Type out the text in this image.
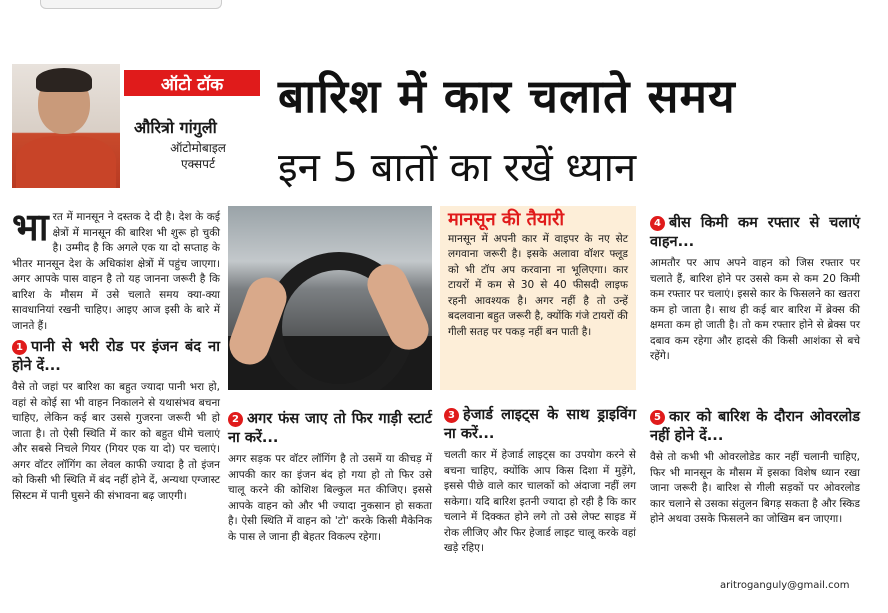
ऑटो टॉक
औरित्रो गांगुली
ऑटोमोबाइल
एक्सपर्ट
बारिश में कार चलाते समय
इन 5 बातों का रखें ध्यान
भा रत में मानसून ने दस्तक दे दी है। देश के कई क्षेत्रों में मानसून की बारिश भी शुरू हो चुकी है। उम्मीद है कि अगले एक या दो सप्ताह के भीतर मानसून देश के अधिकांश क्षेत्रों में पहुंच जाएगा। अगर आपके पास वाहन है तो यह जानना जरूरी है कि बारिश के मौसम में उसे चलाते समय क्या-क्या सावधानियां रखनी चाहिए। आइए आज इसी के बारे में जानते हैं।
1 पानी से भरी रोड पर इंजन बंद ना होने दें...
वैसे तो जहां पर बारिश का बहुत ज्यादा पानी भरा हो, वहां से कोई सा भी वाहन निकालने से यथासंभव बचना चाहिए, लेकिन कई बार उससे गुजरना जरूरी भी हो जाता है। तो ऐसी स्थिति में कार को बहुत धीमे चलाएं और सबसे निचले गियर (गियर एक या दो) पर चलाएं। अगर वॉटर लॉगिंग का लेवल काफी ज्यादा है तो इंजन को किसी भी स्थिति में बंद नहीं होने दें, अन्यथा एग्जास्ट सिस्टम में पानी घुसने की संभावना बढ़ जाएगी।
मानसून की तैयारी
मानसून में अपनी कार में वाइपर के नए सेट लगवाना जरूरी है। इसके अलावा वॉशर फ्लूड को भी टॉप अप करवाना ना भूलिएगा। कार टायरों में कम से 30 से 40 फीसदी लाइफ रहनी आवश्यक है। अगर नहीं है तो उन्हें बदलवाना बहुत जरूरी है, क्योंकि गंजे टायरों की गीली सतह पर पकड़ नहीं बन पाती है।
2 अगर फंस जाए तो फिर गाड़ी स्टार्ट ना करें...
अगर सड़क पर वॉटर लॉगिंग है तो उसमें या कीचड़ में आपकी कार का इंजन बंद हो गया हो तो फिर उसे चालू करने की कोशिश बिल्कुल मत कीजिए। इससे आपके वाहन को और भी ज्यादा नुकसान हो सकता है। ऐसी स्थिति में वाहन को 'टो' करके किसी मैकेनिक के पास ले जाना ही बेहतर विकल्प रहेगा।
3 हेजार्ड लाइट्स के साथ ड्राइविंग ना करें...
चलती कार में हेजार्ड लाइट्स का उपयोग करने से बचना चाहिए, क्योंकि आप किस दिशा में मुड़ेंगे, इससे पीछे वाले कार चालकों को अंदाजा नहीं लग सकेगा। यदि बारिश इतनी ज्यादा हो रही है कि कार चलाने में दिक्कत होने लगे तो उसे लेफ्ट साइड में रोक लीजिए और फिर हेजार्ड लाइट चालू करके वहां खड़े रहिए।
4 बीस किमी कम रफ्तार से चलाएं वाहन...
आमतौर पर आप अपने वाहन को जिस रफ्तार पर चलाते हैं, बारिश होने पर उससे कम से कम 20 किमी कम रफ्तार पर चलाएं। इससे कार के फिसलने का खतरा कम हो जाता है। साथ ही कई बार बारिश में ब्रेक्स की क्षमता कम हो जाती है। तो कम रफ्तार होने से ब्रेक्स पर दबाव कम रहेगा और हादसे की किसी आशंका से बचे रहेंगे।
5 कार को बारिश के दौरान ओवरलोड नहीं होने दें...
वैसे तो कभी भी ओवरलोडेड कार नहीं चलानी चाहिए, फिर भी मानसून के मौसम में इसका विशेष ध्यान रखा जाना जरूरी है। बारिश से गीली सड़कों पर ओवरलोड कार चलाने से उसका संतुलन बिगड़ सकता है और स्किड होने अथवा उसके फिसलने का जोखिम बन जाएगा।
aritroganguly@gmail.com
